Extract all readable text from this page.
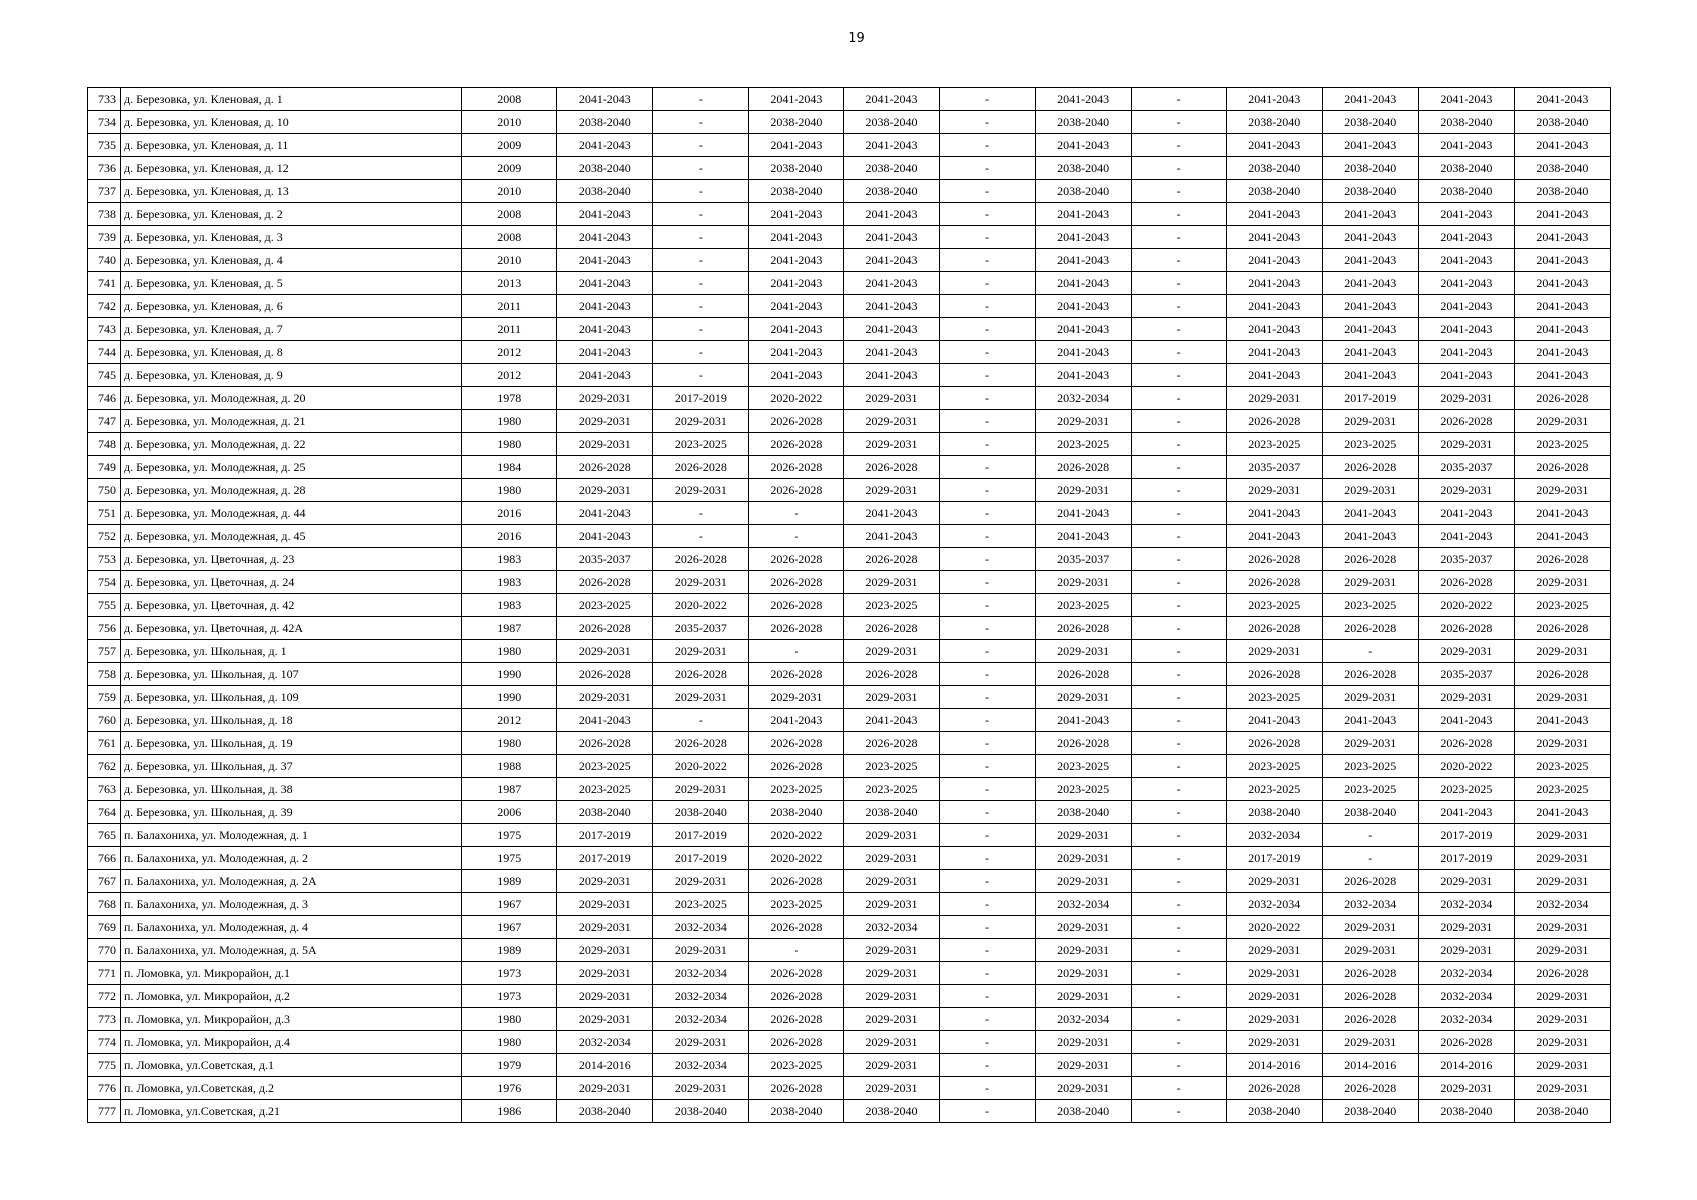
19
733	д. Березовка, ул. Кленовая, д. 1	2008	2041-2043	-	2041-2043	2041-2043	-	2041-2043	-	2041-2043	2041-2043	2041-2043	2041-2043
734	д. Березовка, ул. Кленовая, д. 10	2010	2038-2040	-	2038-2040	2038-2040	-	2038-2040	-	2038-2040	2038-2040	2038-2040	2038-2040
735	д. Березовка, ул. Кленовая, д. 11	2009	2041-2043	-	2041-2043	2041-2043	-	2041-2043	-	2041-2043	2041-2043	2041-2043	2041-2043
736	д. Березовка, ул. Кленовая, д. 12	2009	2038-2040	-	2038-2040	2038-2040	-	2038-2040	-	2038-2040	2038-2040	2038-2040	2038-2040
737	д. Березовка, ул. Кленовая, д. 13	2010	2038-2040	-	2038-2040	2038-2040	-	2038-2040	-	2038-2040	2038-2040	2038-2040	2038-2040
738	д. Березовка, ул. Кленовая, д. 2	2008	2041-2043	-	2041-2043	2041-2043	-	2041-2043	-	2041-2043	2041-2043	2041-2043	2041-2043
739	д. Березовка, ул. Кленовая, д. 3	2008	2041-2043	-	2041-2043	2041-2043	-	2041-2043	-	2041-2043	2041-2043	2041-2043	2041-2043
740	д. Березовка, ул. Кленовая, д. 4	2010	2041-2043	-	2041-2043	2041-2043	-	2041-2043	-	2041-2043	2041-2043	2041-2043	2041-2043
741	д. Березовка, ул. Кленовая, д. 5	2013	2041-2043	-	2041-2043	2041-2043	-	2041-2043	-	2041-2043	2041-2043	2041-2043	2041-2043
742	д. Березовка, ул. Кленовая, д. 6	2011	2041-2043	-	2041-2043	2041-2043	-	2041-2043	-	2041-2043	2041-2043	2041-2043	2041-2043
743	д. Березовка, ул. Кленовая, д. 7	2011	2041-2043	-	2041-2043	2041-2043	-	2041-2043	-	2041-2043	2041-2043	2041-2043	2041-2043
744	д. Березовка, ул. Кленовая, д. 8	2012	2041-2043	-	2041-2043	2041-2043	-	2041-2043	-	2041-2043	2041-2043	2041-2043	2041-2043
745	д. Березовка, ул. Кленовая, д. 9	2012	2041-2043	-	2041-2043	2041-2043	-	2041-2043	-	2041-2043	2041-2043	2041-2043	2041-2043
746	д. Березовка, ул. Молодежная, д. 20	1978	2029-2031	2017-2019	2020-2022	2029-2031	-	2032-2034	-	2029-2031	2017-2019	2029-2031	2026-2028
747	д. Березовка, ул. Молодежная, д. 21	1980	2029-2031	2029-2031	2026-2028	2029-2031	-	2029-2031	-	2026-2028	2029-2031	2026-2028	2029-2031
748	д. Березовка, ул. Молодежная, д. 22	1980	2029-2031	2023-2025	2026-2028	2029-2031	-	2023-2025	-	2023-2025	2023-2025	2029-2031	2023-2025
749	д. Березовка, ул. Молодежная, д. 25	1984	2026-2028	2026-2028	2026-2028	2026-2028	-	2026-2028	-	2035-2037	2026-2028	2035-2037	2026-2028
750	д. Березовка, ул. Молодежная, д. 28	1980	2029-2031	2029-2031	2026-2028	2029-2031	-	2029-2031	-	2029-2031	2029-2031	2029-2031	2029-2031
751	д. Березовка, ул. Молодежная, д. 44	2016	2041-2043	-	-	2041-2043	-	2041-2043	-	2041-2043	2041-2043	2041-2043	2041-2043
752	д. Березовка, ул. Молодежная, д. 45	2016	2041-2043	-	-	2041-2043	-	2041-2043	-	2041-2043	2041-2043	2041-2043	2041-2043
753	д. Березовка, ул. Цветочная, д. 23	1983	2035-2037	2026-2028	2026-2028	2026-2028	-	2035-2037	-	2026-2028	2026-2028	2035-2037	2026-2028
754	д. Березовка, ул. Цветочная, д. 24	1983	2026-2028	2029-2031	2026-2028	2029-2031	-	2029-2031	-	2026-2028	2029-2031	2026-2028	2029-2031
755	д. Березовка, ул. Цветочная, д. 42	1983	2023-2025	2020-2022	2026-2028	2023-2025	-	2023-2025	-	2023-2025	2023-2025	2020-2022	2023-2025
756	д. Березовка, ул. Цветочная, д. 42А	1987	2026-2028	2035-2037	2026-2028	2026-2028	-	2026-2028	-	2026-2028	2026-2028	2026-2028	2026-2028
757	д. Березовка, ул. Школьная, д. 1	1980	2029-2031	2029-2031	-	2029-2031	-	2029-2031	-	2029-2031	-	2029-2031	2029-2031
758	д. Березовка, ул. Школьная, д. 107	1990	2026-2028	2026-2028	2026-2028	2026-2028	-	2026-2028	-	2026-2028	2026-2028	2035-2037	2026-2028
759	д. Березовка, ул. Школьная, д. 109	1990	2029-2031	2029-2031	2029-2031	2029-2031	-	2029-2031	-	2023-2025	2029-2031	2029-2031	2029-2031
760	д. Березовка, ул. Школьная, д. 18	2012	2041-2043	-	2041-2043	2041-2043	-	2041-2043	-	2041-2043	2041-2043	2041-2043	2041-2043
761	д. Березовка, ул. Школьная, д. 19	1980	2026-2028	2026-2028	2026-2028	2026-2028	-	2026-2028	-	2026-2028	2029-2031	2026-2028	2029-2031
762	д. Березовка, ул. Школьная, д. 37	1988	2023-2025	2020-2022	2026-2028	2023-2025	-	2023-2025	-	2023-2025	2023-2025	2020-2022	2023-2025
763	д. Березовка, ул. Школьная, д. 38	1987	2023-2025	2029-2031	2023-2025	2023-2025	-	2023-2025	-	2023-2025	2023-2025	2023-2025	2023-2025
764	д. Березовка, ул. Школьная, д. 39	2006	2038-2040	2038-2040	2038-2040	2038-2040	-	2038-2040	-	2038-2040	2038-2040	2041-2043	2041-2043
765	п. Балахониха, ул. Молодежная, д. 1	1975	2017-2019	2017-2019	2020-2022	2029-2031	-	2029-2031	-	2032-2034	-	2017-2019	2029-2031
766	п. Балахониха, ул. Молодежная, д. 2	1975	2017-2019	2017-2019	2020-2022	2029-2031	-	2029-2031	-	2017-2019	-	2017-2019	2029-2031
767	п. Балахониха, ул. Молодежная, д. 2А	1989	2029-2031	2029-2031	2026-2028	2029-2031	-	2029-2031	-	2029-2031	2026-2028	2029-2031	2029-2031
768	п. Балахониха, ул. Молодежная, д. 3	1967	2029-2031	2023-2025	2023-2025	2029-2031	-	2032-2034	-	2032-2034	2032-2034	2032-2034	2032-2034
769	п. Балахониха, ул. Молодежная, д. 4	1967	2029-2031	2032-2034	2026-2028	2032-2034	-	2029-2031	-	2020-2022	2029-2031	2029-2031	2029-2031
770	п. Балахониха, ул. Молодежная, д. 5А	1989	2029-2031	2029-2031	-	2029-2031	-	2029-2031	-	2029-2031	2029-2031	2029-2031	2029-2031
771	п. Ломовка, ул. Микрорайон, д.1	1973	2029-2031	2032-2034	2026-2028	2029-2031	-	2029-2031	-	2029-2031	2026-2028	2032-2034	2026-2028
772	п. Ломовка, ул. Микрорайон, д.2	1973	2029-2031	2032-2034	2026-2028	2029-2031	-	2029-2031	-	2029-2031	2026-2028	2032-2034	2029-2031
773	п. Ломовка, ул. Микрорайон, д.3	1980	2029-2031	2032-2034	2026-2028	2029-2031	-	2032-2034	-	2029-2031	2026-2028	2032-2034	2029-2031
774	п. Ломовка, ул. Микрорайон, д.4	1980	2032-2034	2029-2031	2026-2028	2029-2031	-	2029-2031	-	2029-2031	2029-2031	2026-2028	2029-2031
775	п. Ломовка, ул.Советская, д.1	1979	2014-2016	2032-2034	2023-2025	2029-2031	-	2029-2031	-	2014-2016	2014-2016	2014-2016	2029-2031
776	п. Ломовка, ул.Советская, д.2	1976	2029-2031	2029-2031	2026-2028	2029-2031	-	2029-2031	-	2026-2028	2026-2028	2029-2031	2029-2031
777	п. Ломовка, ул.Советская, д.21	1986	2038-2040	2038-2040	2038-2040	2038-2040	-	2038-2040	-	2038-2040	2038-2040	2038-2040	2038-2040
